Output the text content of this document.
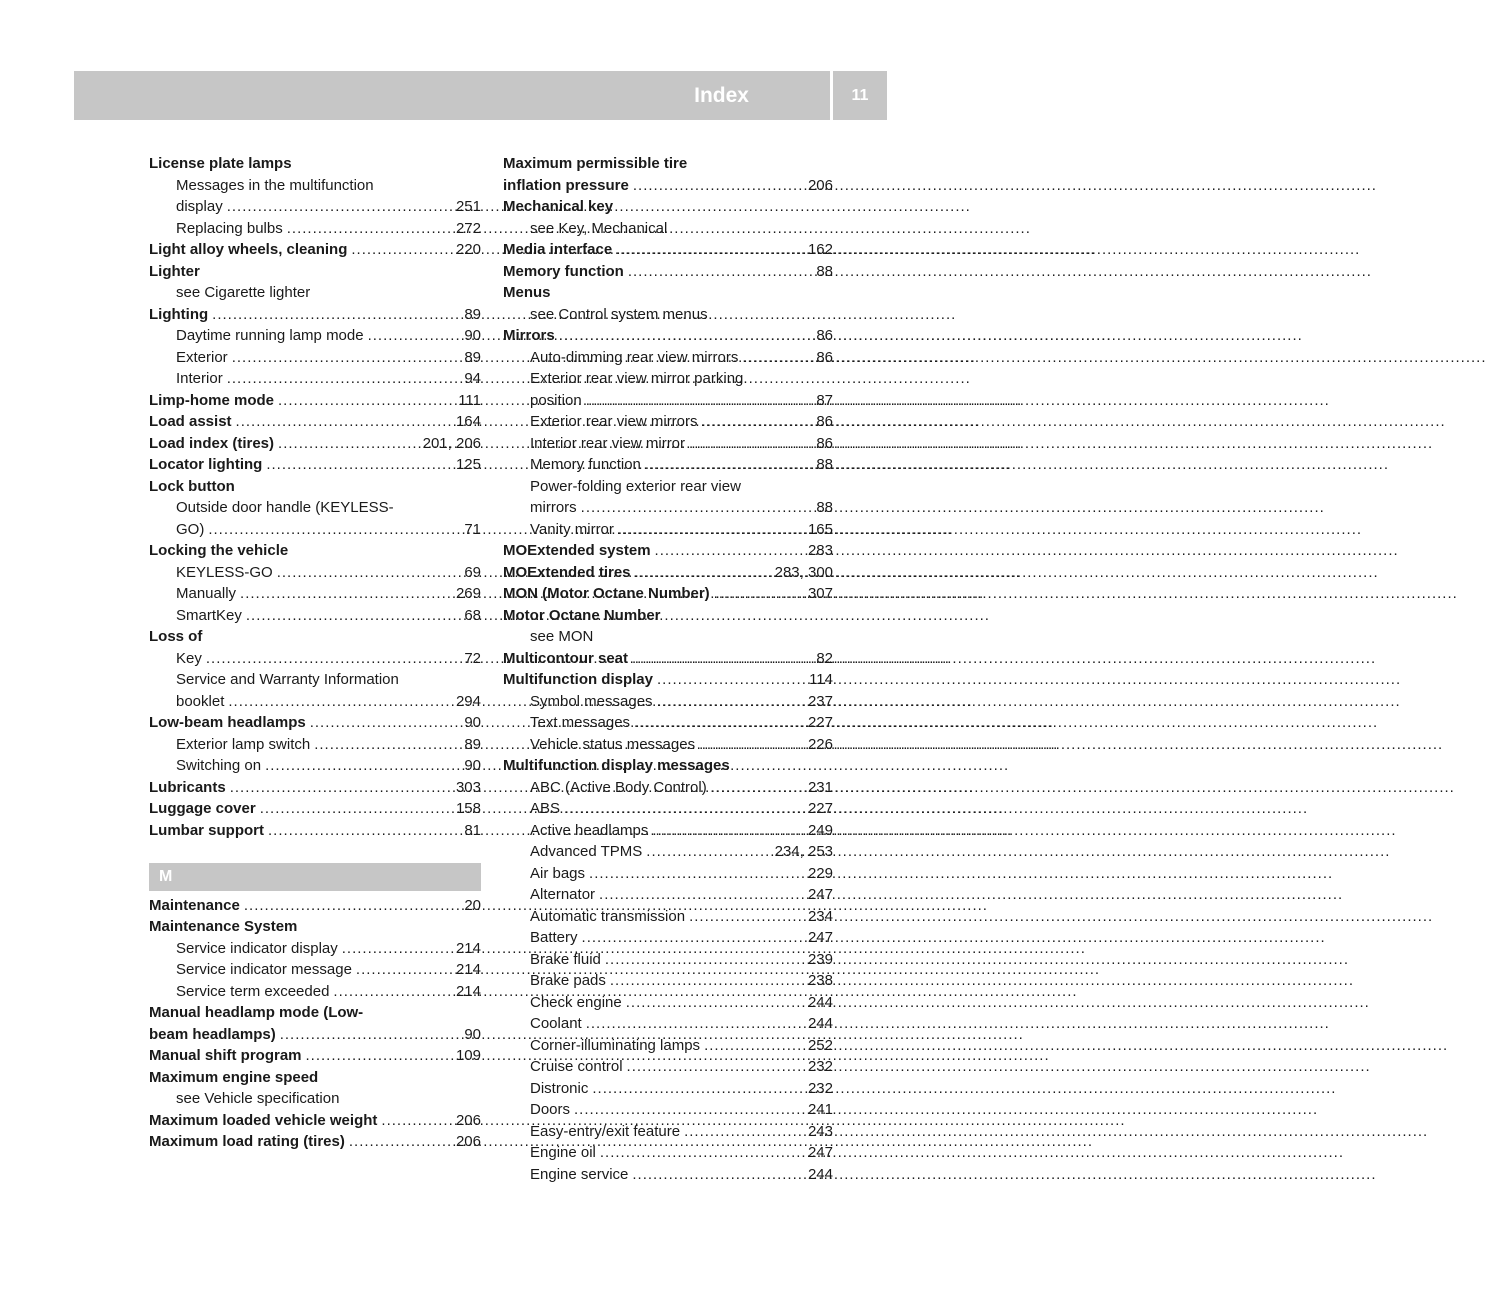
Index	11
License plate lamps
Messages in the multifunction
display .....	251
Replacing bulbs .....	272
Light alloy wheels, cleaning .....	220
Lighter
see Cigarette lighter
Lighting .....	89
Daytime running lamp mode .....	90
Exterior .....	89
Interior .....	94
Limp-home mode .....	111
Load assist .....	164
Load index (tires) .....	201, 206
Locator lighting .....	125
Lock button
Outside door handle (KEYLESS-
GO) .....	71
Locking the vehicle
KEYLESS-GO .....	69
Manually .....	269
SmartKey .....	68
Loss of
Key .....	72
Service and Warranty Information
booklet .....	294
Low-beam headlamps .....	90
Exterior lamp switch .....	89
Switching on .....	90
Lubricants .....	303
Luggage cover .....	158
Lumbar support .....	81
M
Maintenance .....	20
Maintenance System
Service indicator display .....	214
Service indicator message .....	214
Service term exceeded .....	214
Manual headlamp mode (Low-
beam headlamps) .....	90
Manual shift program .....	109
Maximum engine speed
see Vehicle specification
Maximum loaded vehicle weight .....	206
Maximum load rating (tires) .....	206
Maximum permissible tire
inflation pressure .....	206
Mechanical key
see Key, Mechanical
Media interface .....	162
Memory function .....	88
Menus
see Control system menus
Mirrors .....	86
Auto-dimming rear view mirrors .....	86
Exterior rear view mirror parking
position .....	87
Exterior rear view mirrors .....	86
Interior rear view mirror .....	86
Memory function .....	88
Power-folding exterior rear view
mirrors .....	88
Vanity mirror .....	165
MOExtended system .....	283
MOExtended tires .....	283, 300
MON (Motor Octane Number) .....	307
Motor Octane Number
see MON
Multicontour seat .....	82
Multifunction display .....	114
Symbol messages .....	237
Text messages .....	227
Vehicle status messages .....	226
Multifunction display messages
ABC (Active Body Control) .....	231
ABS .....	227
Active headlamps .....	249
Advanced TPMS .....	234, 253
Air bags .....	229
Alternator .....	247
Automatic transmission .....	234
Battery .....	247
Brake fluid .....	239
Brake pads .....	238
Check engine .....	244
Coolant .....	244
Corner-illuminating lamps .....	252
Cruise control .....	232
Distronic .....	232
Doors .....	241
Easy-entry/exit feature .....	243
Engine oil .....	247
Engine service .....	244
